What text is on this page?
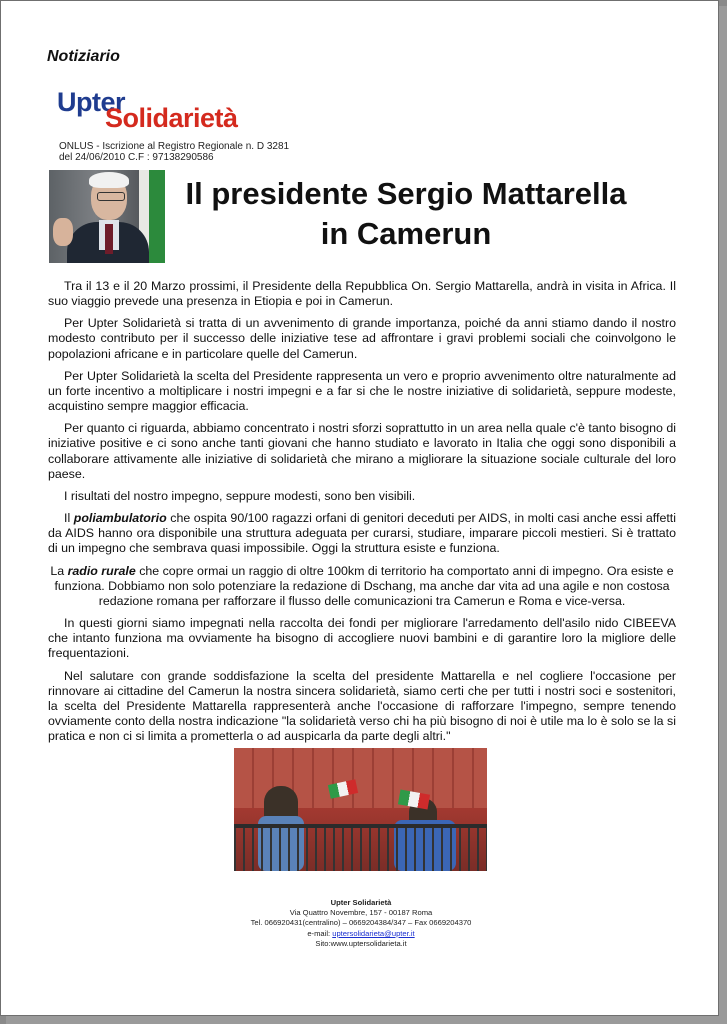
Notiziario
Upter
Solidarietà
ONLUS - Iscrizione al Registro Regionale n. D 3281
del 24/06/2010 C.F : 97138290586
Il presidente Sergio Mattarella
in Camerun

Tra il 13 e il 20 Marzo prossimi, il Presidente della Repubblica On. Sergio Mattarella, andrà in visita in Africa. Il suo viaggio prevede una presenza in Etiopia e poi in Camerun.

Per Upter Solidarietà si tratta di un avvenimento di grande importanza, poiché da anni stiamo dando il nostro modesto contributo per il successo delle iniziative tese ad affrontare i gravi problemi sociali che coinvolgono le popolazioni africane e in particolare quelle del Camerun.

Per Upter Solidarietà la scelta del Presidente rappresenta un vero e proprio avvenimento oltre naturalmente ad un forte incentivo a moltiplicare i nostri impegni e a far si che le nostre iniziative di solidarietà, seppure modeste, acquistino sempre maggior efficacia.

Per quanto ci riguarda, abbiamo concentrato i nostri sforzi soprattutto in un area nella quale c'è tanto bisogno di iniziative positive e ci sono anche tanti giovani che hanno studiato e lavorato in Italia che oggi sono disponibili a collaborare attivamente alle iniziative di solidarietà che mirano a migliorare la situazione sociale culturale del loro paese.

I risultati del nostro impegno, seppure modesti, sono ben visibili.

Il poliambulatorio che ospita 90/100 ragazzi orfani di genitori deceduti per AIDS, in molti casi anche essi affetti da AIDS hanno ora disponibile una struttura adeguata per curarsi, studiare, imparare piccoli mestieri. Si è trattato di un impegno che sembrava quasi impossibile. Oggi la struttura esiste e funziona.

La radio rurale che copre ormai un raggio di oltre 100km di territorio ha comportato anni di impegno. Ora esiste e funziona. Dobbiamo non solo potenziare la redazione di Dschang, ma anche dar vita ad una agile e non costosa redazione romana per rafforzare il flusso delle comunicazioni tra Camerun e Roma e vice-versa.

In questi giorni siamo impegnati nella raccolta dei fondi per migliorare l'arredamento dell'asilo nido CIBEEVA che intanto funziona ma ovviamente ha bisogno di accogliere nuovi bambini e di garantire loro la migliore delle frequentazioni.

Nel salutare con grande soddisfazione la scelta del presidente Mattarella e nel cogliere l'occasione per rinnovare ai cittadine del Camerun la nostra sincera solidarietà, siamo certi che per tutti i nostri soci e sostenitori, la scelta del Presidente Mattarella rappresenterà anche l'occasione di rafforzare l'impegno, sempre tenendo ovviamente conto della nostra indicazione "la solidarietà verso chi ha più bisogno di noi è utile ma lo è solo se la si pratica e non ci si limita a prometterla o ad auspicarla da parte degli altri."

Upter Solidarietà
Via Quattro Novembre, 157 - 00187 Roma
Tel. 066920431(centralino) – 0669204384/347 – Fax 0669204370
e-mail: uptersolidarieta@upter.it
Sito:www.uptersolidarieta.it
